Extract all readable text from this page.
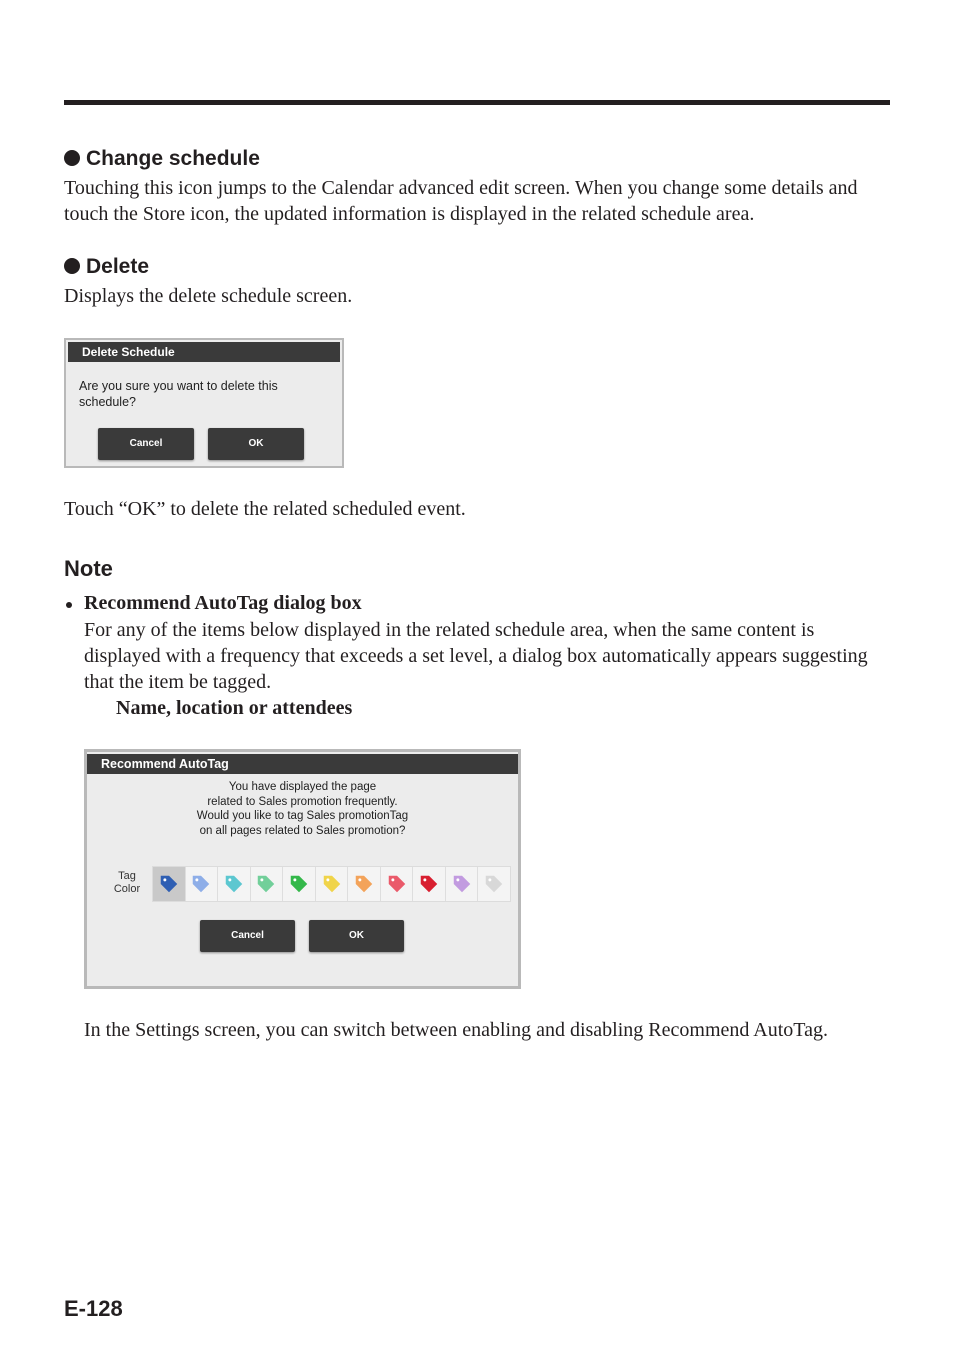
Change schedule
Touching this icon jumps to the Calendar advanced edit screen. When you change some details and touch the Store icon, the updated information is displayed in the related schedule area.
Delete
Displays the delete schedule screen.
Delete Schedule
Are you sure you want to delete this schedule?
Cancel	OK
Touch “OK” to delete the related scheduled event.
Note
Recommend AutoTag dialog box
For any of the items below displayed in the related schedule area, when the same content is displayed with a frequency that exceeds a set level, a dialog box automatically appears suggesting that the item be tagged.
Name, location or attendees
Recommend AutoTag
You have displayed the page
related to Sales promotion frequently.
Would you like to tag Sales promotionTag
on all pages related to Sales promotion?
Tag
Color
Cancel	OK
In the Settings screen, you can switch between enabling and disabling Recommend AutoTag.
E-128
